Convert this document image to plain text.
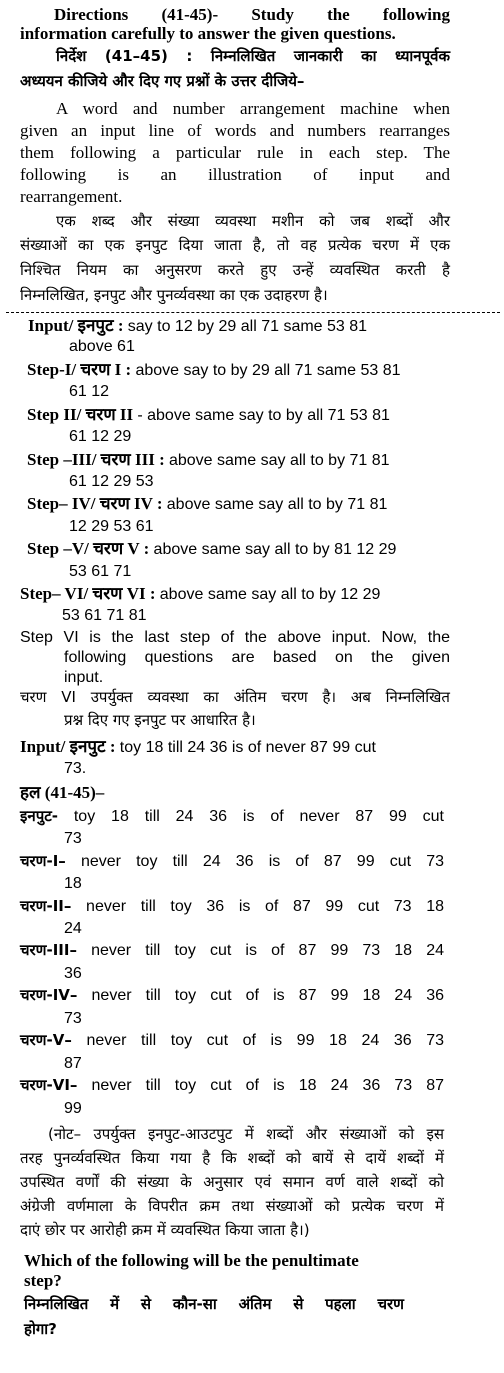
Directions (41-45)- Study the following
information carefully to answer the given questions.
निर्देश (41–45) : निम्नलिखित जानकारी का ध्यानपूर्वक
अध्ययन कीजिये और दिए गए प्रश्नों के उत्तर दीजिये–
A word and number arrangement machine when
given an input line of words and numbers rearranges
them following a particular rule in each step. The
following is an illustration of input and
rearrangement.
एक शब्द और संख्या व्यवस्था मशीन को जब शब्दों और
संख्याओं का एक इनपुट दिया जाता है, तो वह प्रत्येक चरण में एक
निश्चित नियम का अनुसरण करते हुए उन्हें व्यवस्थित करती है
निम्नलिखित, इनपुट और पुनर्व्यवस्था का एक उदाहरण है।
Input/ इनपुट : say to 12 by 29 all 71 same 53 81
above 61
Step-I/ चरण I : above say to by 29 all 71 same 53 81
61 12
Step II/ चरण II - above same say to by all 71 53 81
61 12 29
Step –III/ चरण III : above same say all to by 71 81
61 12 29 53
Step– IV/ चरण IV : above same say all to by 71 81
12 29 53 61
Step –V/ चरण V : above same say all to by 81 12 29
53 61 71
Step– VI/ चरण VI : above same say all to by 12 29
53 61 71 81
Step VI is the last step of the above input. Now, the
following questions are based on the given
input.
चरण VI उपर्युक्त व्यवस्था का अंतिम चरण है। अब निम्नलिखित
प्रश्न दिए गए इनपुट पर आधारित है।
Input/ इनपुट : toy 18 till 24 36 is of never 87 99 cut
73.
हल (41-45)–
इनपुट- toy 18 till 24 36 is of never 87 99 cut
73
चरण-I– never toy till 24 36 is of 87 99 cut 73
18
चरण-II– never till toy 36 is of 87 99 cut 73 18
24
चरण-III– never till toy cut is of 87 99 73 18 24
36
चरण-IV– never till toy cut of is 87 99 18 24 36
73
चरण-V– never till toy cut of is 99 18 24 36 73
87
चरण-VI– never till toy cut of is 18 24 36 73 87
99
(नोट– उपर्युक्त इनपुट-आउटपुट में शब्दों और संख्याओं को इस
तरह पुनर्व्यवस्थित किया गया है कि शब्दों को बायें से दायें शब्दों में
उपस्थित वर्णों की संख्या के अनुसार एवं समान वर्ण वाले शब्दों को
अंग्रेजी वर्णमाला के विपरीत क्रम तथा संख्याओं को प्रत्येक चरण में
दाएं छोर पर आरोही क्रम में व्यवस्थित किया जाता है।)
Which of the following will be the penultimate
step?
निम्नलिखित में से कौन-सा अंतिम से पहला चरण
होगा?
